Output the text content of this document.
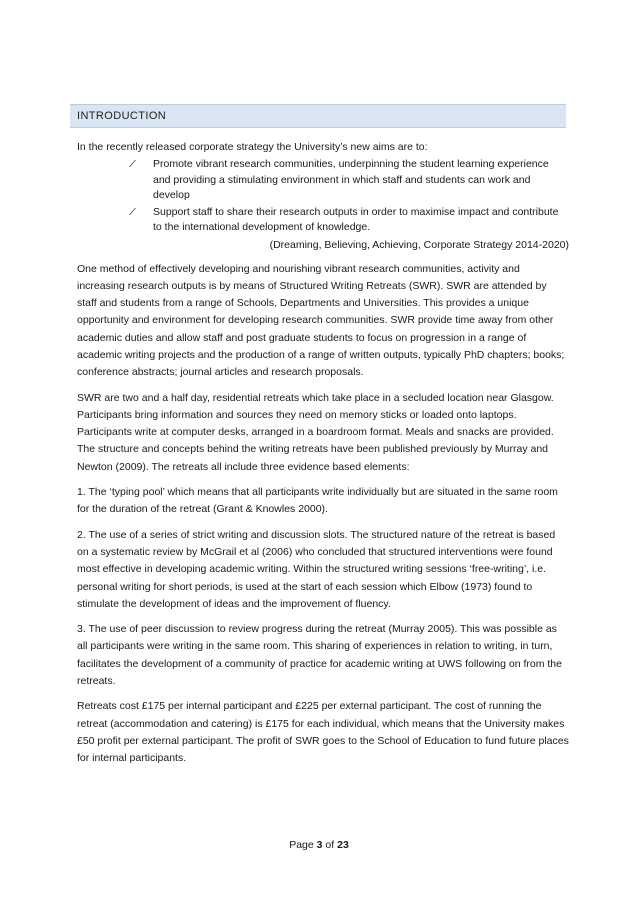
INTRODUCTION

In the recently released corporate strategy the University’s new aims are to:

⁄ Promote vibrant research communities, underpinning the student learning experience and providing a stimulating environment in which staff and students can work and develop
⁄ Support staff to share their research outputs in order to maximise impact and contribute to the international development of knowledge.

(Dreaming, Believing, Achieving, Corporate Strategy 2014-2020)

One method of effectively developing and nourishing vibrant research communities, activity and increasing research outputs is by means of Structured Writing Retreats (SWR). SWR are attended by staff and students from a range of Schools, Departments and Universities. This provides a unique opportunity and environment for developing research communities. SWR provide time away from other academic duties and allow staff and post graduate students to focus on progression in a range of academic writing projects and the production of a range of written outputs, typically PhD chapters; books; conference abstracts; journal articles and research proposals.

SWR are two and a half day, residential retreats which take place in a secluded location near Glasgow. Participants bring information and sources they need on memory sticks or loaded onto laptops. Participants write at computer desks, arranged in a boardroom format. Meals and snacks are provided. The structure and concepts behind the writing retreats have been published previously by Murray and Newton (2009). The retreats all include three evidence based elements:

1. The ‘typing pool’ which means that all participants write individually but are situated in the same room for the duration of the retreat (Grant & Knowles 2000).

2. The use of a series of strict writing and discussion slots. The structured nature of the retreat is based on a systematic review by McGrail et al (2006) who concluded that structured interventions were found most effective in developing academic writing. Within the structured writing sessions ‘free-writing’, i.e. personal writing for short periods, is used at the start of each session which Elbow (1973) found to stimulate the development of ideas and the improvement of fluency.

3. The use of peer discussion to review progress during the retreat (Murray 2005). This was possible as all participants were writing in the same room. This sharing of experiences in relation to writing, in turn, facilitates the development of a community of practice for academic writing at UWS following on from the retreats.

Retreats cost £175 per internal participant and £225 per external participant. The cost of running the retreat (accommodation and catering) is £175 for each individual, which means that the University makes £50 profit per external participant. The profit of SWR goes to the School of Education to fund future places for internal participants.

Page 3 of 23
